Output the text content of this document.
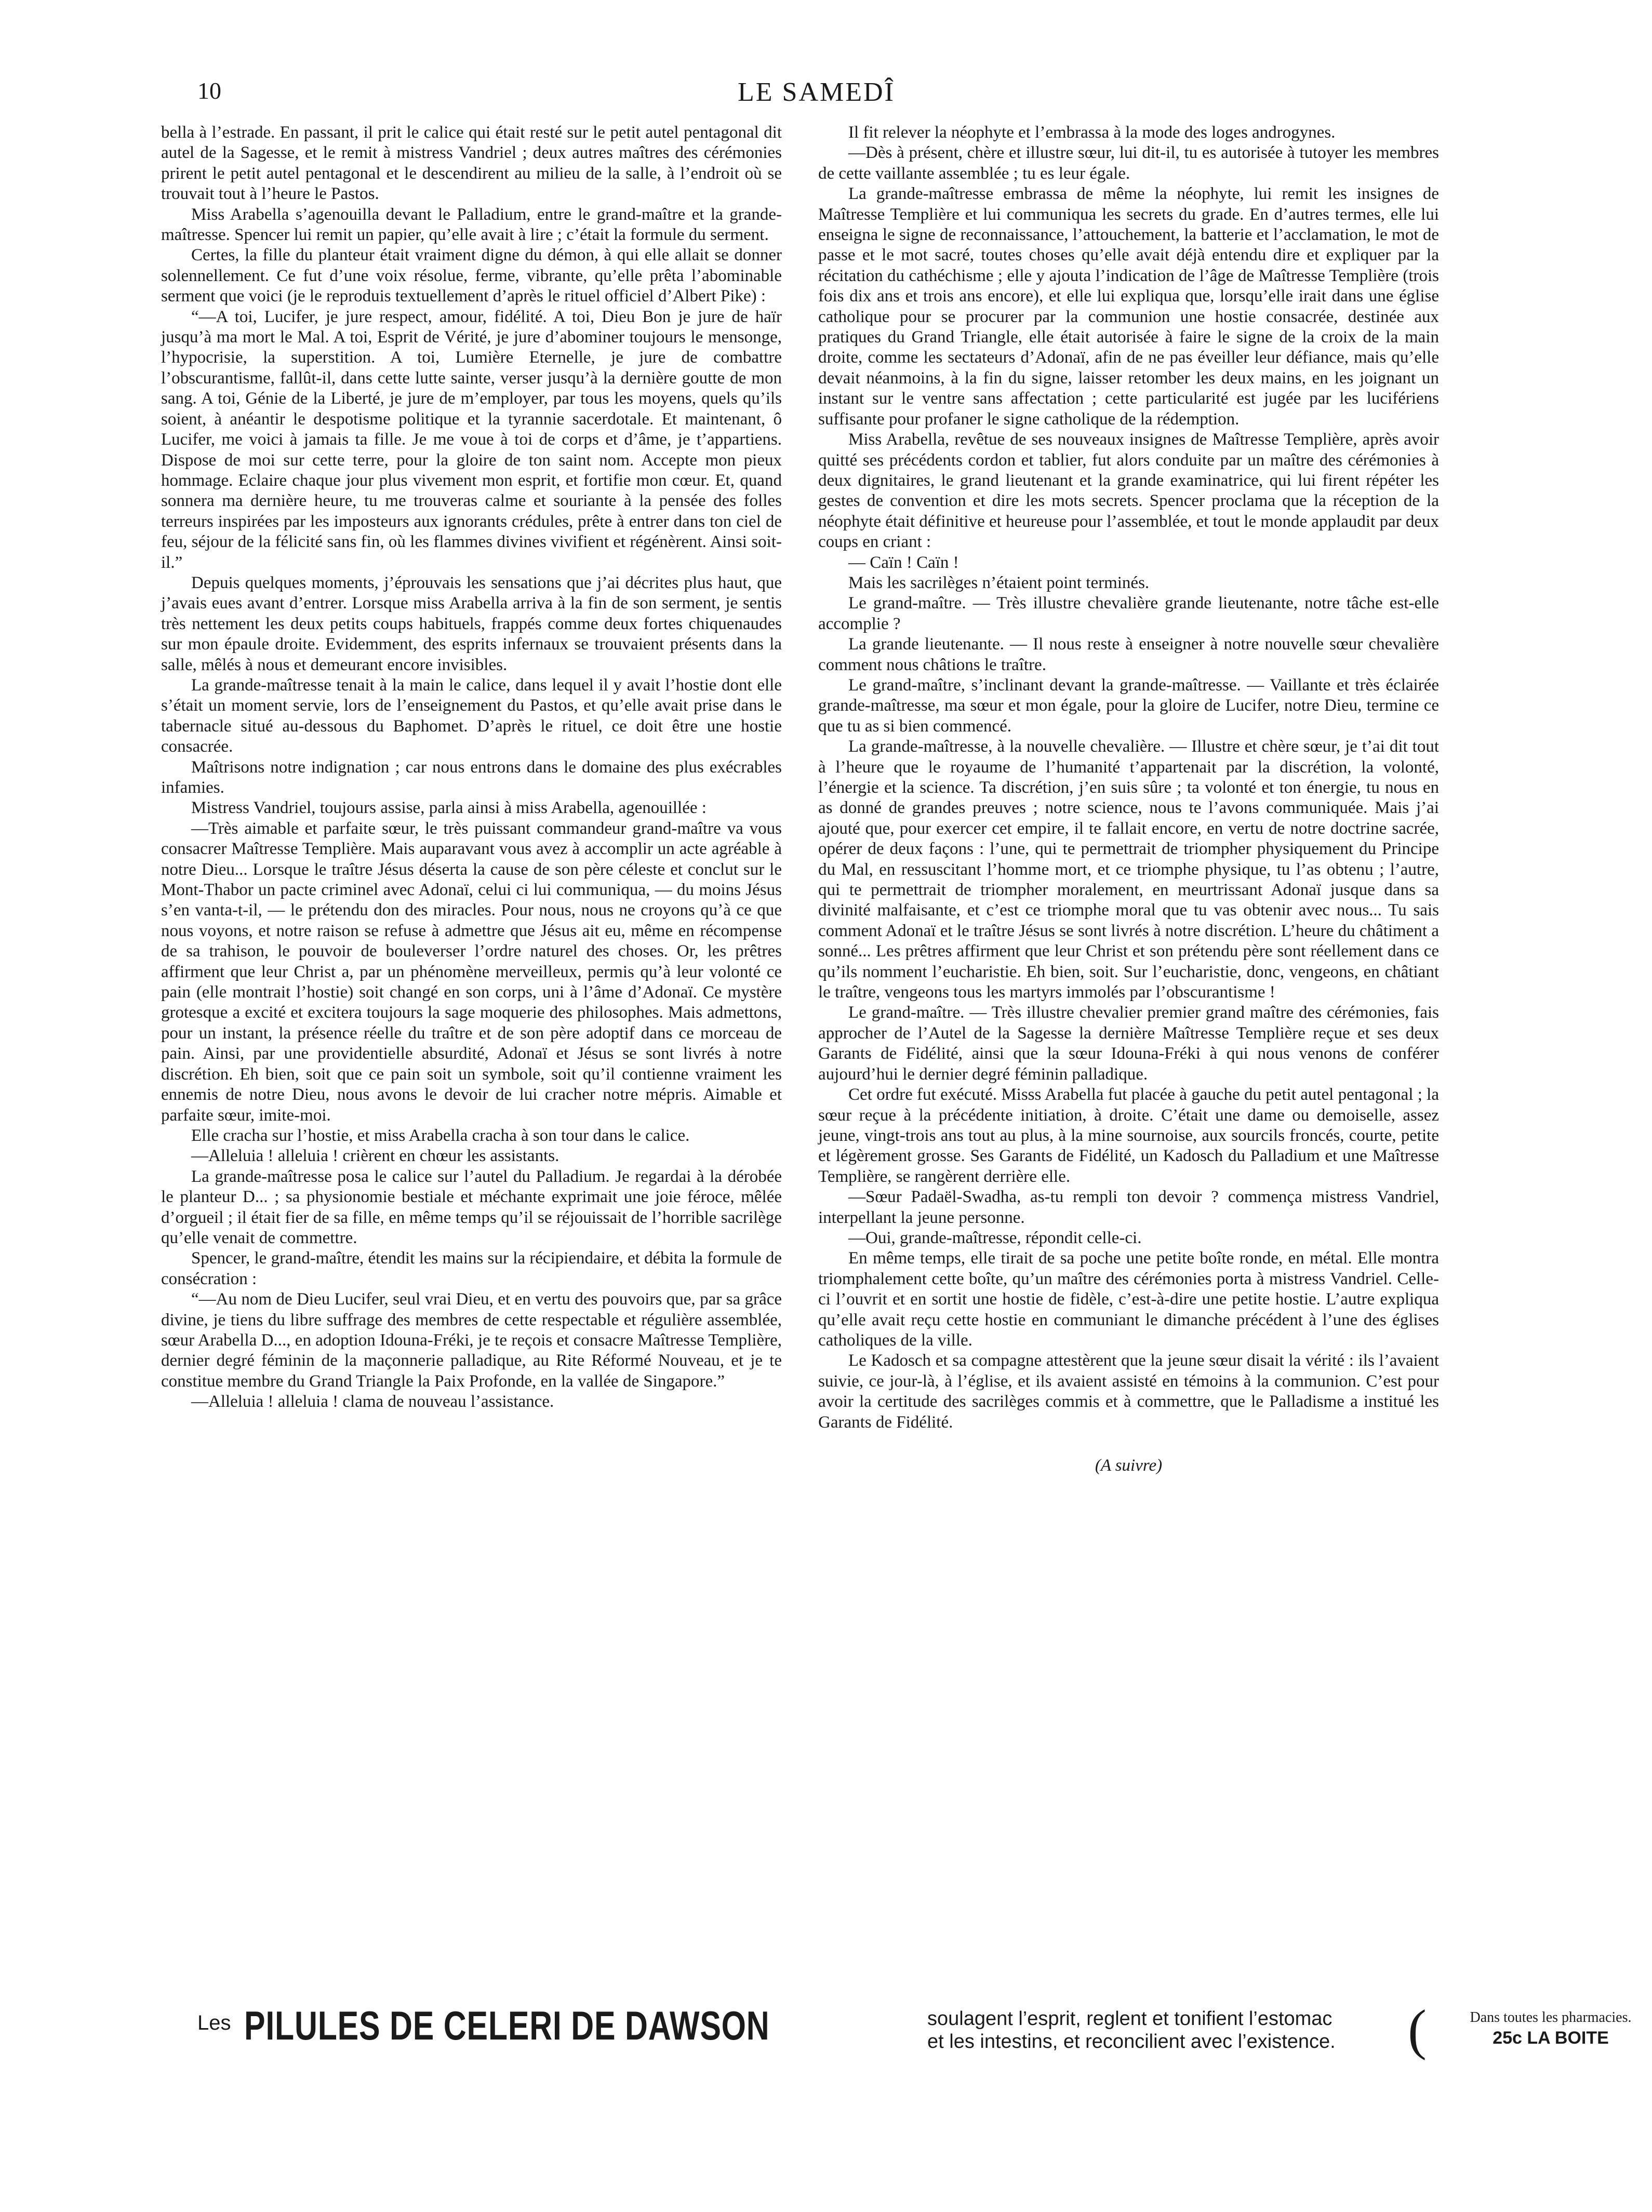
10	LE SAMEDÎ

bella à l’estrade. En passant, il prit le calice qui était resté sur le petit autel pentagonal dit autel de la Sagesse, et le remit à mistress Vandriel ; deux autres maîtres des cérémonies prirent le petit autel pentagonal et le descendirent au milieu de la salle, à l’endroit où se trouvait tout à l’heure le Pastos.

Miss Arabella s’agenouilla devant le Palladium, entre le grand-maître et la grande-maîtresse. Spencer lui remit un papier, qu’elle avait à lire ; c’était la formule du serment.

Certes, la fille du planteur était vraiment digne du démon, à qui elle allait se donner solennellement. Ce fut d’une voix résolue, ferme, vibrante, qu’elle prêta l’abominable serment que voici (je le reproduis textuellement d’après le rituel officiel d’Albert Pike) :

“—A toi, Lucifer, je jure respect, amour, fidélité. A toi, Dieu Bon je jure de haïr jusqu’à ma mort le Mal. A toi, Esprit de Vérité, je jure d’abominer toujours le mensonge, l’hypocrisie, la superstition. A toi, Lumière Eternelle, je jure de combattre l’obscurantisme, fallût-il, dans cette lutte sainte, verser jusqu’à la dernière goutte de mon sang. A toi, Génie de la Liberté, je jure de m’employer, par tous les moyens, quels qu’ils soient, à anéantir le despotisme politique et la tyrannie sacerdotale. Et maintenant, ô Lucifer, me voici à jamais ta fille. Je me voue à toi de corps et d’âme, je t’appartiens. Dispose de moi sur cette terre, pour la gloire de ton saint nom. Accepte mon pieux hommage. Eclaire chaque jour plus vivement mon esprit, et fortifie mon cœur. Et, quand sonnera ma dernière heure, tu me trouveras calme et souriante à la pensée des folles terreurs inspirées par les imposteurs aux ignorants crédules, prête à entrer dans ton ciel de feu, séjour de la félicité sans fin, où les flammes divines vivifient et régénèrent. Ainsi soit-il.”

Depuis quelques moments, j’éprouvais les sensations que j’ai décrites plus haut, que j’avais eues avant d’entrer. Lorsque miss Arabella arriva à la fin de son serment, je sentis très nettement les deux petits coups habituels, frappés comme deux fortes chiquenaudes sur mon épaule droite. Evidemment, des esprits infernaux se trouvaient présents dans la salle, mêlés à nous et demeurant encore invisibles.

La grande-maîtresse tenait à la main le calice, dans lequel il y avait l’hostie dont elle s’était un moment servie, lors de l’enseignement du Pastos, et qu’elle avait prise dans le tabernacle situé au-dessous du Baphomet. D’après le rituel, ce doit être une hostie consacrée.

Maîtrisons notre indignation ; car nous entrons dans le domaine des plus exécrables infamies.

Mistress Vandriel, toujours assise, parla ainsi à miss Arabella, agenouillée :

—Très aimable et parfaite sœur, le très puissant commandeur grand-maître va vous consacrer Maîtresse Templière. Mais auparavant vous avez à accomplir un acte agréable à notre Dieu... Lorsque le traître Jésus déserta la cause de son père céleste et conclut sur le Mont-Thabor un pacte criminel avec Adonaï, celui ci lui communiqua, — du moins Jésus s’en vanta-t-il, — le prétendu don des miracles. Pour nous, nous ne croyons qu’à ce que nous voyons, et notre raison se refuse à admettre que Jésus ait eu, même en récompense de sa trahison, le pouvoir de bouleverser l’ordre naturel des choses. Or, les prêtres affirment que leur Christ a, par un phénomène merveilleux, permis qu’à leur volonté ce pain (elle montrait l’hostie) soit changé en son corps, uni à l’âme d’Adonaï. Ce mystère grotesque a excité et excitera toujours la sage moquerie des philosophes. Mais admettons, pour un instant, la présence réelle du traître et de son père adoptif dans ce morceau de pain. Ainsi, par une providentielle absurdité, Adonaï et Jésus se sont livrés à notre discrétion. Eh bien, soit que ce pain soit un symbole, soit qu’il contienne vraiment les ennemis de notre Dieu, nous avons le devoir de lui cracher notre mépris. Aimable et parfaite sœur, imite-moi.

Elle cracha sur l’hostie, et miss Arabella cracha à son tour dans le calice.

—Alleluia ! alleluia ! crièrent en chœur les assistants.

La grande-maîtresse posa le calice sur l’autel du Palladium. Je regardai à la dérobée le planteur D... ; sa physionomie bestiale et méchante exprimait une joie féroce, mêlée d’orgueil ; il était fier de sa fille, en même temps qu’il se réjouissait de l’horrible sacrilège qu’elle venait de commettre.

Spencer, le grand-maître, étendit les mains sur la récipiendaire, et débita la formule de consécration :

“—Au nom de Dieu Lucifer, seul vrai Dieu, et en vertu des pouvoirs que, par sa grâce divine, je tiens du libre suffrage des membres de cette respectable et régulière assemblée, sœur Arabella D..., en adoption Idouna-Fréki, je te reçois et consacre Maîtresse Templière, dernier degré féminin de la maçonnerie palladique, au Rite Réformé Nouveau, et je te constitue membre du Grand Triangle la Paix Profonde, en la vallée de Singapore.”

—Alleluia ! alleluia ! clama de nouveau l’assistance.

Il fit relever la néophyte et l’embrassa à la mode des loges androgynes.

—Dès à présent, chère et illustre sœur, lui dit-il, tu es autorisée à tutoyer les membres de cette vaillante assemblée ; tu es leur égale.

La grande-maîtresse embrassa de même la néophyte, lui remit les insignes de Maîtresse Templière et lui communiqua les secrets du grade. En d’autres termes, elle lui enseigna le signe de reconnaissance, l’attouchement, la batterie et l’acclamation, le mot de passe et le mot sacré, toutes choses qu’elle avait déjà entendu dire et expliquer par la récitation du cathéchisme ; elle y ajouta l’indication de l’âge de Maîtresse Templière (trois fois dix ans et trois ans encore), et elle lui expliqua que, lorsqu’elle irait dans une église catholique pour se procurer par la communion une hostie consacrée, destinée aux pratiques du Grand Triangle, elle était autorisée à faire le signe de la croix de la main droite, comme les sectateurs d’Adonaï, afin de ne pas éveiller leur défiance, mais qu’elle devait néanmoins, à la fin du signe, laisser retomber les deux mains, en les joignant un instant sur le ventre sans affectation ; cette particularité est jugée par les lucifériens suffisante pour profaner le signe catholique de la rédemption.

Miss Arabella, revêtue de ses nouveaux insignes de Maîtresse Templière, après avoir quitté ses précédents cordon et tablier, fut alors conduite par un maître des cérémonies à deux dignitaires, le grand lieutenant et la grande examinatrice, qui lui firent répéter les gestes de convention et dire les mots secrets. Spencer proclama que la réception de la néophyte était définitive et heureuse pour l’assemblée, et tout le monde applaudit par deux coups en criant :

— Caïn ! Caïn !

Mais les sacrilèges n’étaient point terminés.

Le grand-maître. — Très illustre chevalière grande lieutenante, notre tâche est-elle accomplie ?

La grande lieutenante. — Il nous reste à enseigner à notre nouvelle sœur chevalière comment nous châtions le traître.

Le grand-maître, s’inclinant devant la grande-maîtresse. — Vaillante et très éclairée grande-maîtresse, ma sœur et mon égale, pour la gloire de Lucifer, notre Dieu, termine ce que tu as si bien commencé.

La grande-maîtresse, à la nouvelle chevalière. — Illustre et chère sœur, je t’ai dit tout à l’heure que le royaume de l’humanité t’appartenait par la discrétion, la volonté, l’énergie et la science. Ta discrétion, j’en suis sûre ; ta volonté et ton énergie, tu nous en as donné de grandes preuves ; notre science, nous te l’avons communiquée. Mais j’ai ajouté que, pour exercer cet empire, il te fallait encore, en vertu de notre doctrine sacrée, opérer de deux façons : l’une, qui te permettrait de triompher physiquement du Principe du Mal, en ressuscitant l’homme mort, et ce triomphe physique, tu l’as obtenu ; l’autre, qui te permettrait de triompher moralement, en meurtrissant Adonaï jusque dans sa divinité malfaisante, et c’est ce triomphe moral que tu vas obtenir avec nous... Tu sais comment Adonaï et le traître Jésus se sont livrés à notre discrétion. L’heure du châtiment a sonné... Les prêtres affirment que leur Christ et son prétendu père sont réellement dans ce qu’ils nomment l’eucharistie. Eh bien, soit. Sur l’eucharistie, donc, vengeons, en châtiant le traître, vengeons tous les martyrs immolés par l’obscurantisme !

Le grand-maître. — Très illustre chevalier premier grand maître des cérémonies, fais approcher de l’Autel de la Sagesse la dernière Maîtresse Templière reçue et ses deux Garants de Fidélité, ainsi que la sœur Idouna-Fréki à qui nous venons de conférer aujourd’hui le dernier degré féminin palladique.

Cet ordre fut exécuté. Misss Arabella fut placée à gauche du petit autel pentagonal ; la sœur reçue à la précédente initiation, à droite. C’était une dame ou demoiselle, assez jeune, vingt-trois ans tout au plus, à la mine sournoise, aux sourcils froncés, courte, petite et légèrement grosse. Ses Garants de Fidélité, un Kadosch du Palladium et une Maîtresse Templière, se rangèrent derrière elle.

—Sœur Padaël-Swadha, as-tu rempli ton devoir ? commença mistress Vandriel, interpellant la jeune personne.

—Oui, grande-maîtresse, répondit celle-ci.

En même temps, elle tirait de sa poche une petite boîte ronde, en métal. Elle montra triomphalement cette boîte, qu’un maître des cérémonies porta à mistress Vandriel. Celle-ci l’ouvrit et en sortit une hostie de fidèle, c’est-à-dire une petite hostie. L’autre expliqua qu’elle avait reçu cette hostie en communiant le dimanche précédent à l’une des églises catholiques de la ville.

Le Kadosch et sa compagne attestèrent que la jeune sœur disait la vérité : ils l’avaient suivie, ce jour-là, à l’église, et ils avaient assisté en témoins à la communion. C’est pour avoir la certitude des sacrilèges commis et à commettre, que le Palladisme a institué les Garants de Fidélité.

(A suivre)

Les PILULES DE CELERI DE DAWSON	soulagent l’esprit, reglent et tonifient l’estomac
et les intestins, et reconcilient avec l’existence.	(	Dans toutes les pharmacies.
25c LA BOITE
